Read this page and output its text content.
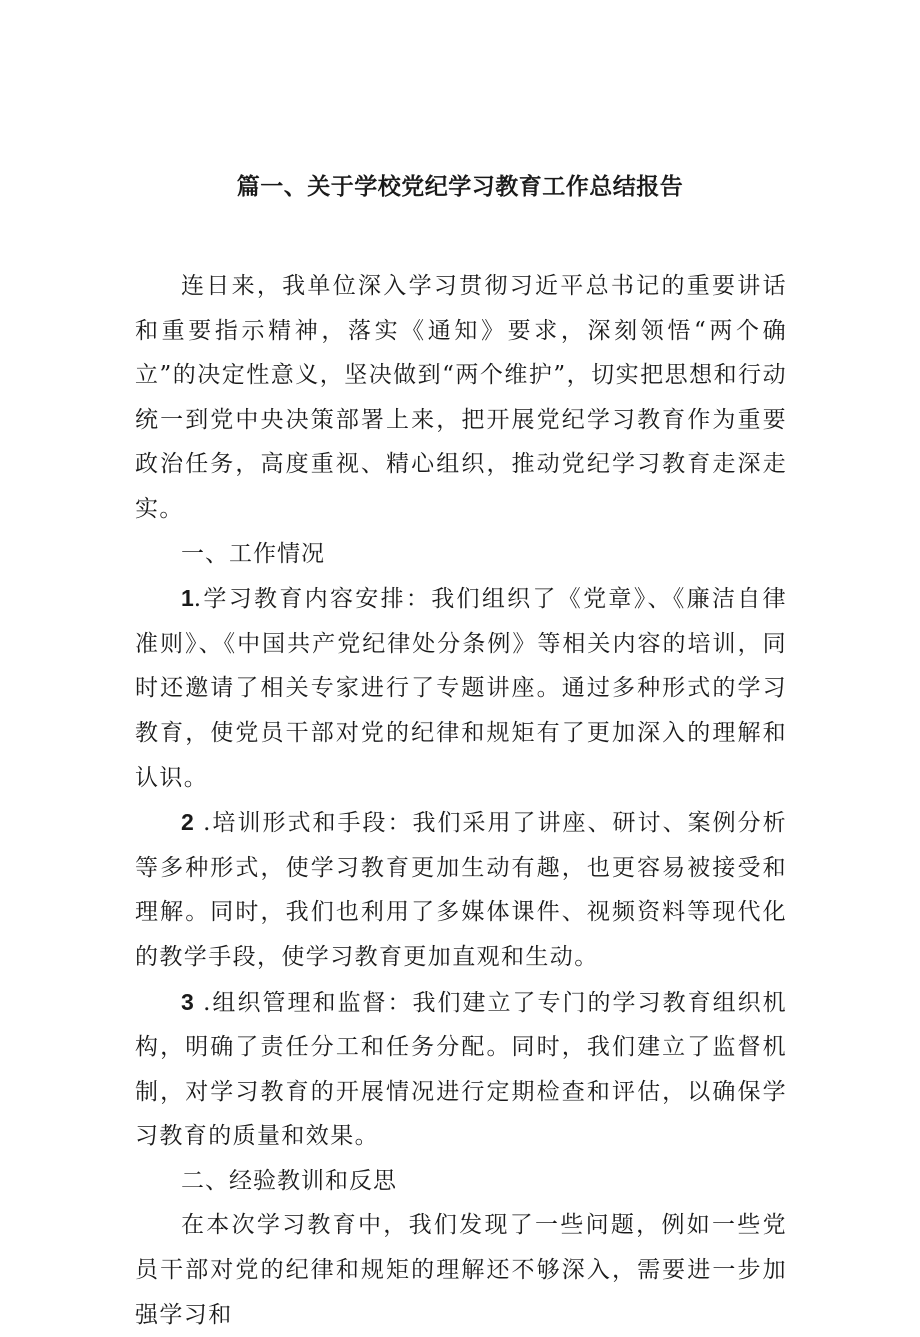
篇一、关于学校党纪学习教育工作总结报告

连日来，我单位深入学习贯彻习近平总书记的重要讲话和重要指示精神，落实《通知》要求，深刻领悟“两个确立”的决定性意义，坚决做到“两个维护”，切实把思想和行动统一到党中央决策部署上来，把开展党纪学习教育作为重要政治任务，高度重视、精心组织，推动党纪学习教育走深走实。

一、工作情况

1.学习教育内容安排：我们组织了《党章》、《廉洁自律准则》、《中国共产党纪律处分条例》等相关内容的培训，同时还邀请了相关专家进行了专题讲座。通过多种形式的学习教育，使党员干部对党的纪律和规矩有了更加深入的理解和认识。

2 .培训形式和手段：我们采用了讲座、研讨、案例分析等多种形式，使学习教育更加生动有趣，也更容易被接受和理解。同时，我们也利用了多媒体课件、视频资料等现代化的教学手段，使学习教育更加直观和生动。

3 .组织管理和监督：我们建立了专门的学习教育组织机构，明确了责任分工和任务分配。同时，我们建立了监督机制，对学习教育的开展情况进行定期检查和评估，以确保学习教育的质量和效果。

二、经验教训和反思

在本次学习教育中，我们发现了一些问题，例如一些党员干部对党的纪律和规矩的理解还不够深入，需要进一步加强学习和
